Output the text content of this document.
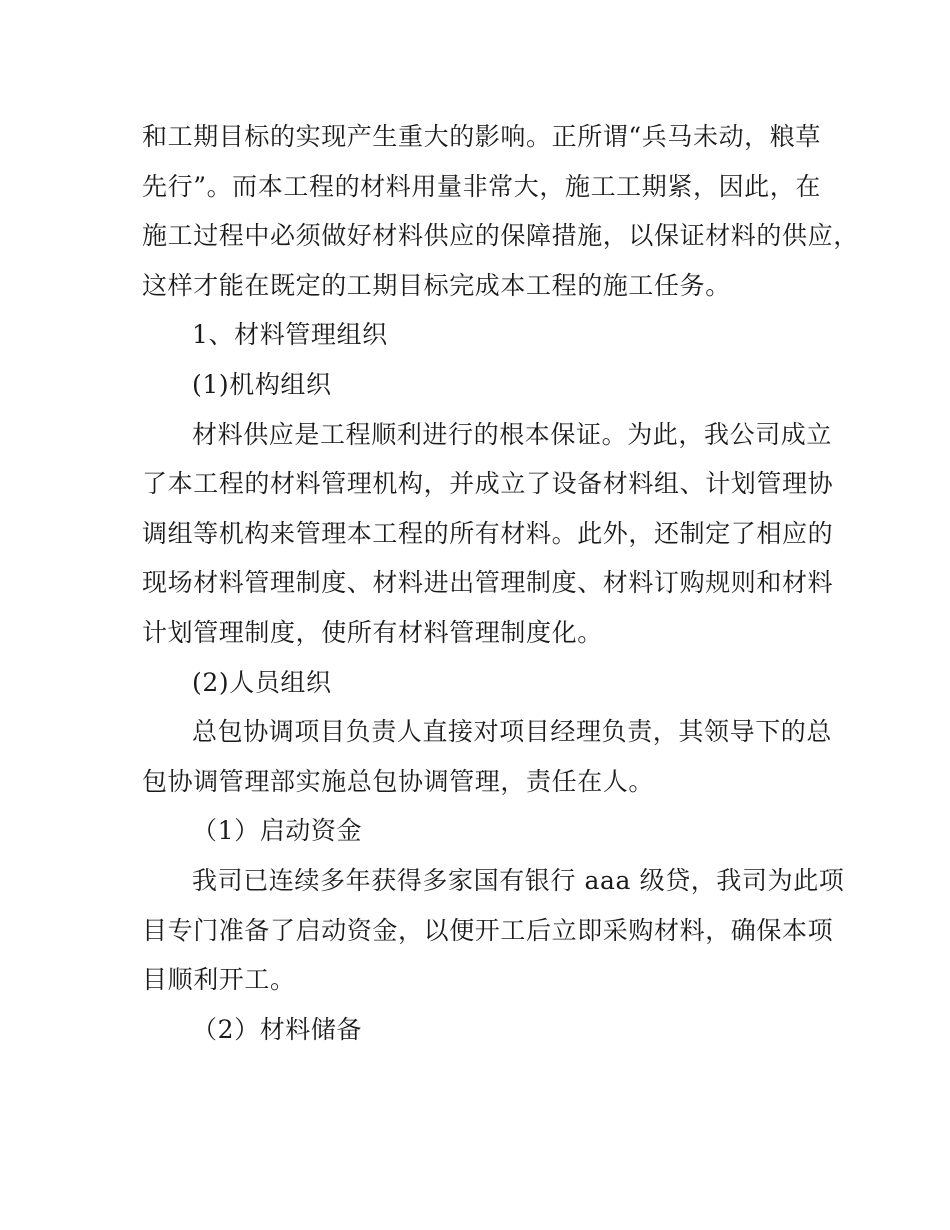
和工期目标的实现产生重大的影响。正所谓“兵马未动，粮草
先行”。而本工程的材料用量非常大，施工工期紧，因此，在
施工过程中必须做好材料供应的保障措施，以保证材料的供应，
这样才能在既定的工期目标完成本工程的施工任务。
1、材料管理组织
(1)机构组织
材料供应是工程顺利进行的根本保证。为此，我公司成立
了本工程的材料管理机构，并成立了设备材料组、计划管理协
调组等机构来管理本工程的所有材料。此外，还制定了相应的
现场材料管理制度、材料进出管理制度、材料订购规则和材料
计划管理制度，使所有材料管理制度化。
(2)人员组织
总包协调项目负责人直接对项目经理负责，其领导下的总
包协调管理部实施总包协调管理，责任在人。
（1）启动资金
我司已连续多年获得多家国有银行 aaa 级贷，我司为此项
目专门准备了启动资金，以便开工后立即采购材料，确保本项
目顺利开工。
（2）材料储备
